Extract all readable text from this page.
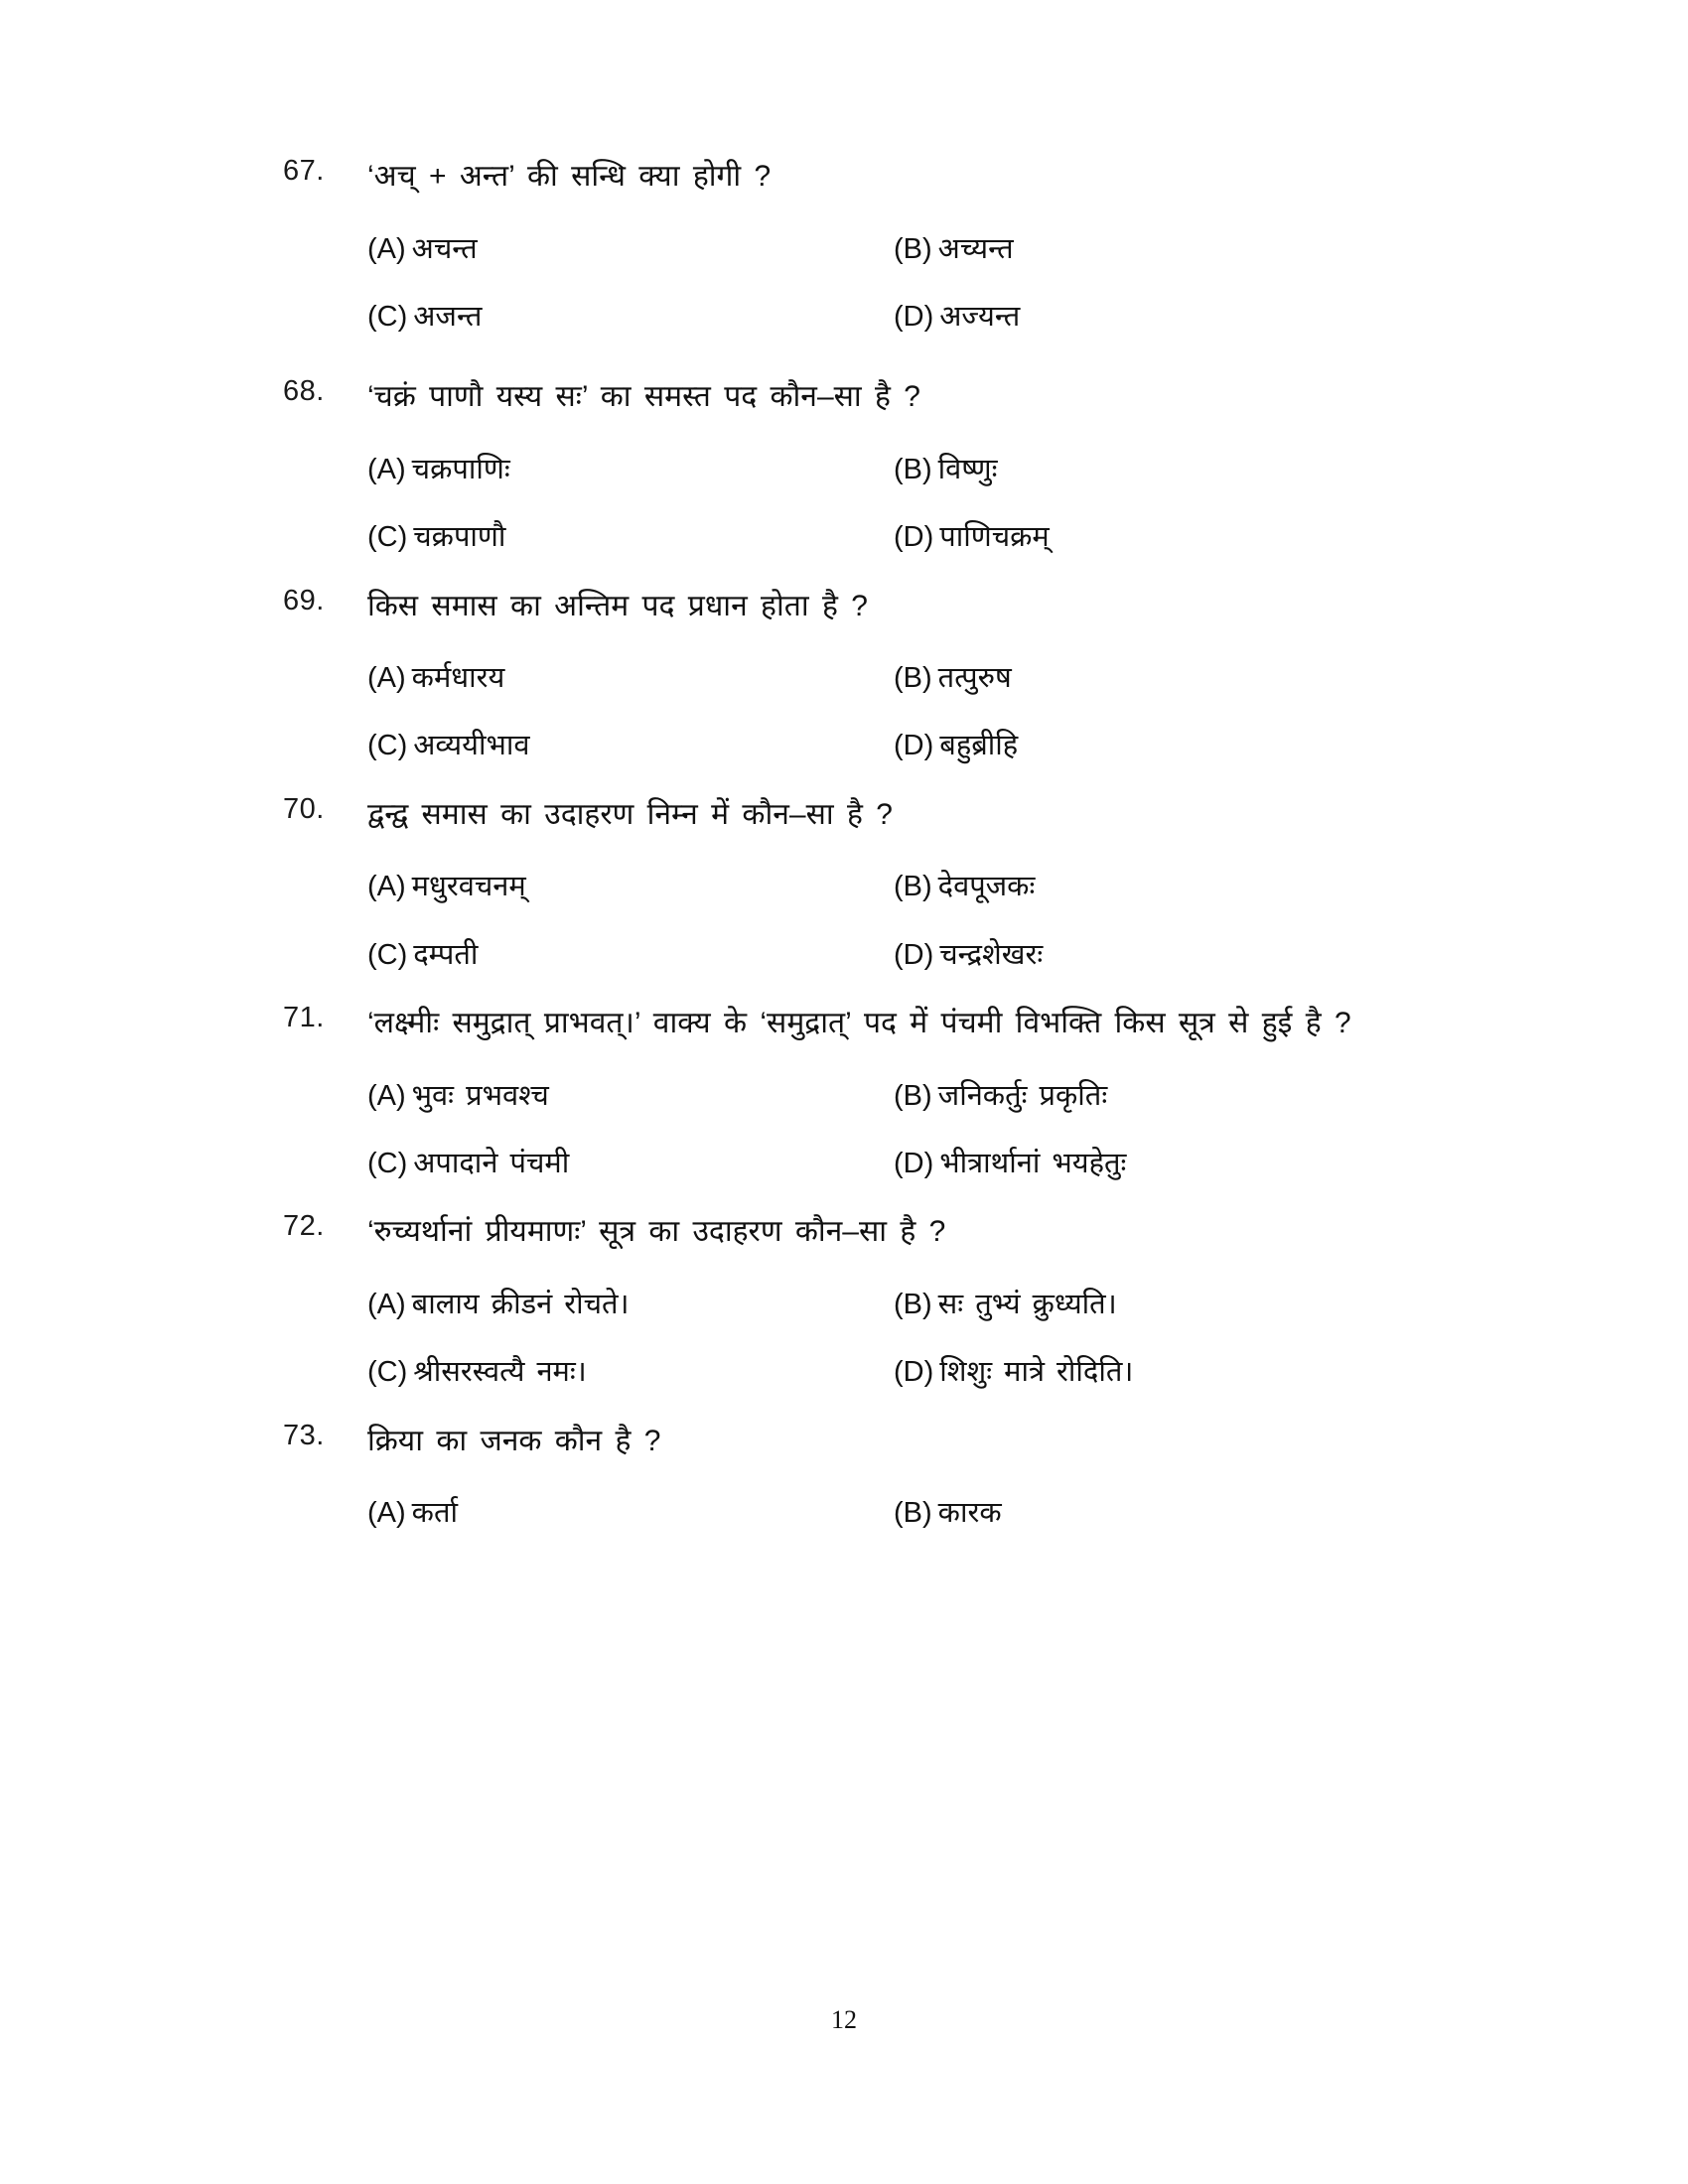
67.	‘अच् + अन्त’ की सन्धि क्या होगी ?
(A) अचन्त	(B) अच्यन्त
(C) अजन्त	(D) अज्यन्त
68.	‘चक्रं पाणौ यस्य सः’ का समस्त पद कौन–सा है ?
(A) चक्रपाणिः	(B) विष्णुः
(C) चक्रपाणौ	(D) पाणिचक्रम्
69.	किस समास का अन्तिम पद प्रधान होता है ?
(A) कर्मधारय	(B) तत्पुरुष
(C) अव्ययीभाव	(D) बहुब्रीहि
70.	द्वन्द्व समास का उदाहरण निम्न में कौन–सा है ?
(A) मधुरवचनम्	(B) देवपूजकः
(C) दम्पती	(D) चन्द्रशेखरः
71.	‘लक्ष्मीः समुद्रात् प्राभवत्।’ वाक्य के ‘समुद्रात्’ पद में पंचमी विभक्ति किस सूत्र से हुई है ?
(A) भुवः प्रभवश्च	(B) जनिकर्तुः प्रकृतिः
(C) अपादाने पंचमी	(D) भीत्रार्थानां भयहेतुः
72.	‘रुच्यर्थानां प्रीयमाणः’ सूत्र का उदाहरण कौन–सा है ?
(A) बालाय क्रीडनं रोचते।	(B) सः तुभ्यं क्रुध्यति।
(C) श्रीसरस्वत्यै नमः।	(D) शिशुः मात्रे रोदिति।
73.	क्रिया का जनक कौन है ?
(A) कर्ता	(B) कारक
12
